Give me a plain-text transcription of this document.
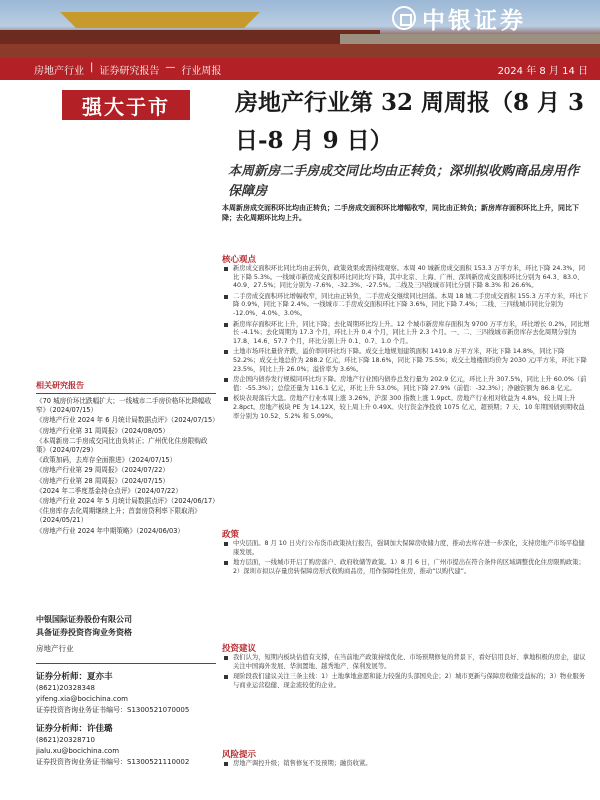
中银证券
房地产行业 | 证券研究报告 — 行业周报	2024 年 8 月 14 日
强大于市	房地产行业第 32 周周报（8 月 3 日-8 月 9 日）
本周新房二手房成交同比均由正转负；深圳拟收购商品房用作保障房
本周新房成交面积环比均由正转负；二手房成交面积环比增幅收窄，同比由正转负；新房库存面积环比上升，同比下降；去化周期环比均上升。
核心观点
新房成交面积环比同比均由正转负，政策效果或需持续观察。本周 40 城新房成交面积 153.3 万平方米，环比下降 24.3%，同比下降 5.3%。一线城市新房成交面积环比同比均下降，其中北京、上海、广州、深圳新房成交面积环比分别为 64.3、83.0、40.9、27.5%；同比分别为 -7.6%、-32.3%、-27.5%。二线及三四线城市同比分别下降 8.3% 和 26.6%。
二手房成交面积环比增幅收窄，同比由正转负，二手房成交继续同比回落。本周 18 城二手房成交面积 155.3 万平方米，环比下降 0.9%，同比下降 2.4%。一线城市二手房成交面积环比下降 3.6%，同比下降 7.4%；二线、三四线城市同比分别为 -12.0%、4.0%、3.0%。
新房库存面积环比上升，同比下降；去化周期环比均上升。12 个城市新房库存面积为 9700 万平方米，环比增长 0.2%，同比增长 -4.1%；去化周期为 17.3 个月，环比上升 0.4 个月，同比上升 2.3 个月。一、二、三四线城市新房库存去化周期分别为 17.8、14.6、57.7 个月，环比分别上升 0.1、0.7、1.0 个月。
土地市场环比量价齐跌，溢价率同环比均下降。成交土地规划建筑面积 1419.8 万平方米，环比下降 14.8%，同比下降 52.2%；成交土地总价为 288.2 亿元，环比下降 18.6%，同比下降 75.5%；成交土地楼面均价为 2030 元/平方米，环比下降 23.5%，同比上升 26.0%；溢价率为 3.6%。
房企国内债券发行规模同环比均下降。房地产行业国内债券总发行量为 202.9 亿元，环比上升 307.5%，同比上升 60.0%（前值：-55.3%）；总偿还量为 116.1 亿元，环比上升 53.0%，同比下降 27.9%（前值：-32.3%）；净融资额为 86.8 亿元。
板块表现落后大盘。房地产行业本周上涨 3.26%，沪深 300 指数上涨 1.9pct。房地产行业相对收益为 4.8%，较上周上升 2.8pct。房地产板块 PE 为 14.12X，较上周上升 0.49X。央行资金净投放 1075 亿元，超预期；7 天、10 年期国债到期收益率分别为 10.52、5.2% 和 5.09%。
政策
中央层面。8 月 10 日央行公布货币政策执行报告，强调加大保障房收储力度，推动去库存进一步深化，支持房地产市场平稳健康发展。
地方层面，一线城市开启了购房落户、政府收储等政策。1）8 月 6 日，广州市提出在符合条件的区域调整优化住房限购政策；2）深圳市拟以存量房转保障房形式收购商品房，用作保障性住房，推动“以购代建”。
投资建议
我们认为，短期内板块估值有支撑，在当前地产政策持续优化、市场预期修复的背景下，看好信用良好、拿地积极的房企，建议关注中国海外发展、华润置地、越秀地产、保利发展等。
现阶段我们建议关注三条主线：1）土地拿地意愿和能力较强的头部国央企；2）城市更新与保障房收储受益标的；3）物业服务与商业运营稳健、现金流较优的企业。
风险提示
房地产调控升级；销售修复不及预期；融资收紧。
相关研究报告
《70 城房价环比跌幅扩大；一线城市二手房价格环比降幅收窄》（2024/07/15）
《房地产行业 2024 年 6 月统计局数据点评》（2024/07/15）
《房地产行业第 31 周周报》（2024/08/05）
《本周新房二手房成交同比由负转正；广州优化住房限购政策》（2024/07/29）
《政策加码，去库存全面推进》（2024/07/15）
《房地产行业第 29 周周报》（2024/07/22）
《房地产行业第 28 周周报》（2024/07/15）
《2024 年二季度基金持仓点评》（2024/07/22）
《房地产行业 2024 年 5 月统计局数据点评》（2024/06/17）
《住房库存去化周期继续上升；首套房贷利率下限取消》（2024/05/21）
《房地产行业 2024 年中期策略》（2024/06/03）
中银国际证券股份有限公司
具备证券投资咨询业务资格
房地产行业
证券分析师：夏亦丰
(8621)20328348
yifeng.xia@bocichina.com
证券投资咨询业务证书编号：S1300521070005
证券分析师：许佳璐
(8621)20328710
jialu.xu@bocichina.com
证券投资咨询业务证书编号：S1300521110002
